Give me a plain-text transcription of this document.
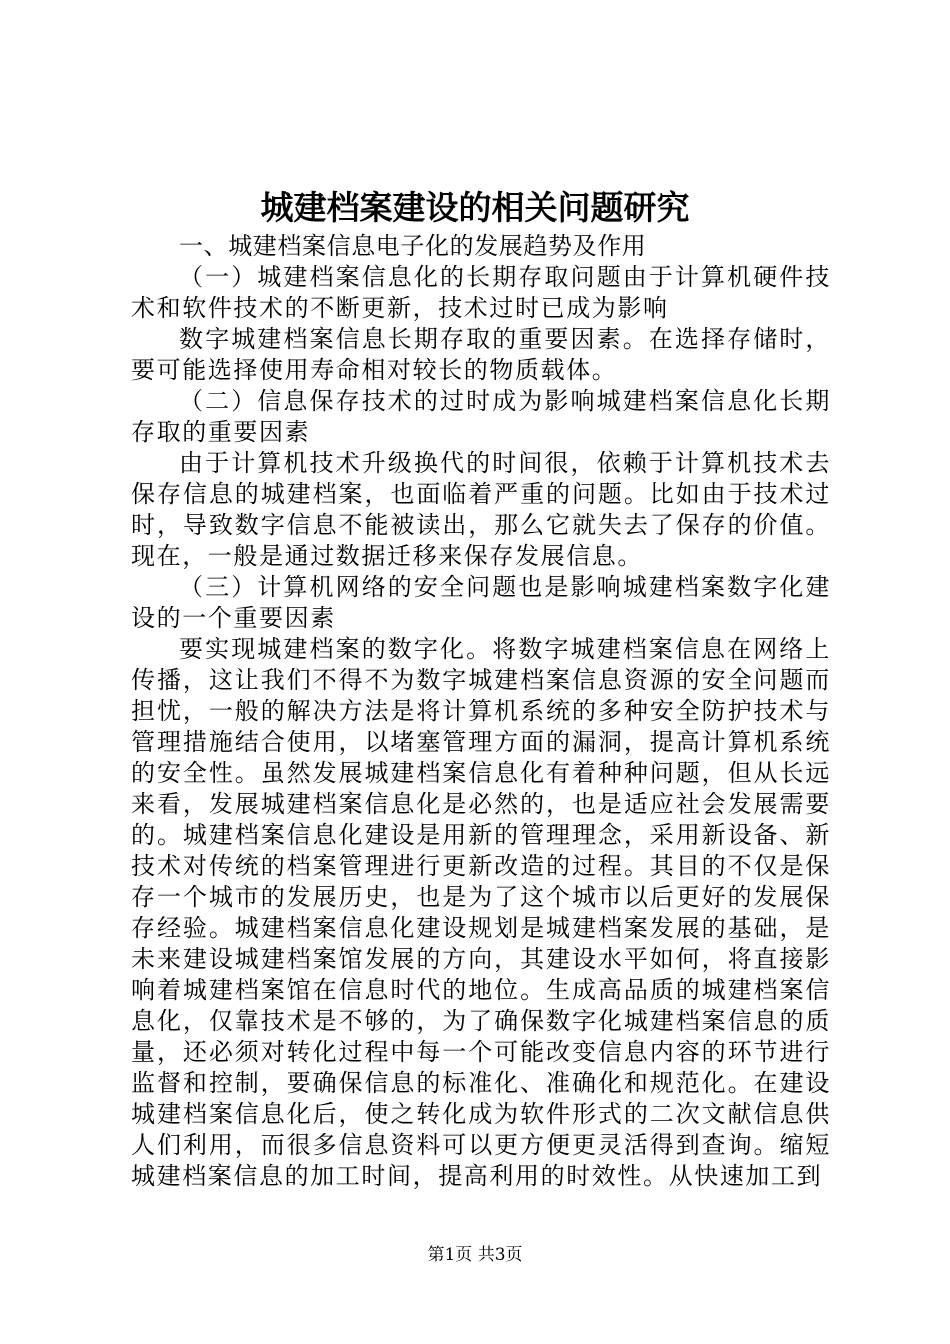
城建档案建设的相关问题研究

一、城建档案信息电子化的发展趋势及作用

（一）城建档案信息化的长期存取问题由于计算机硬件技术和软件技术的不断更新，技术过时已成为影响

数字城建档案信息长期存取的重要因素。在选择存储时，要可能选择使用寿命相对较长的物质载体。

（二）信息保存技术的过时成为影响城建档案信息化长期存取的重要因素

由于计算机技术升级换代的时间很，依赖于计算机技术去保存信息的城建档案，也面临着严重的问题。比如由于技术过时，导致数字信息不能被读出，那么它就失去了保存的价值。现在，一般是通过数据迁移来保存发展信息。

（三）计算机网络的安全问题也是影响城建档案数字化建设的一个重要因素

要实现城建档案的数字化。将数字城建档案信息在网络上传播，这让我们不得不为数字城建档案信息资源的安全问题而担忧，一般的解决方法是将计算机系统的多种安全防护技术与管理措施结合使用，以堵塞管理方面的漏洞，提高计算机系统的安全性。虽然发展城建档案信息化有着种种问题，但从长远来看，发展城建档案信息化是必然的，也是适应社会发展需要的。城建档案信息化建设是用新的管理理念，采用新设备、新技术对传统的档案管理进行更新改造的过程。其目的不仅是保存一个城市的发展历史，也是为了这个城市以后更好的发展保存经验。城建档案信息化建设规划是城建档案发展的基础，是未来建设城建档案馆发展的方向，其建设水平如何，将直接影响着城建档案馆在信息时代的地位。生成高品质的城建档案信息化，仅靠技术是不够的，为了确保数字化城建档案信息的质量，还必须对转化过程中每一个可能改变信息内容的环节进行监督和控制，要确保信息的标准化、准确化和规范化。在建设城建档案信息化后，使之转化成为软件形式的二次文献信息供人们利用，而很多信息资料可以更方便更灵活得到查询。缩短城建档案信息的加工时间，提高利用的时效性。从快速加工到

第1页 共3页
